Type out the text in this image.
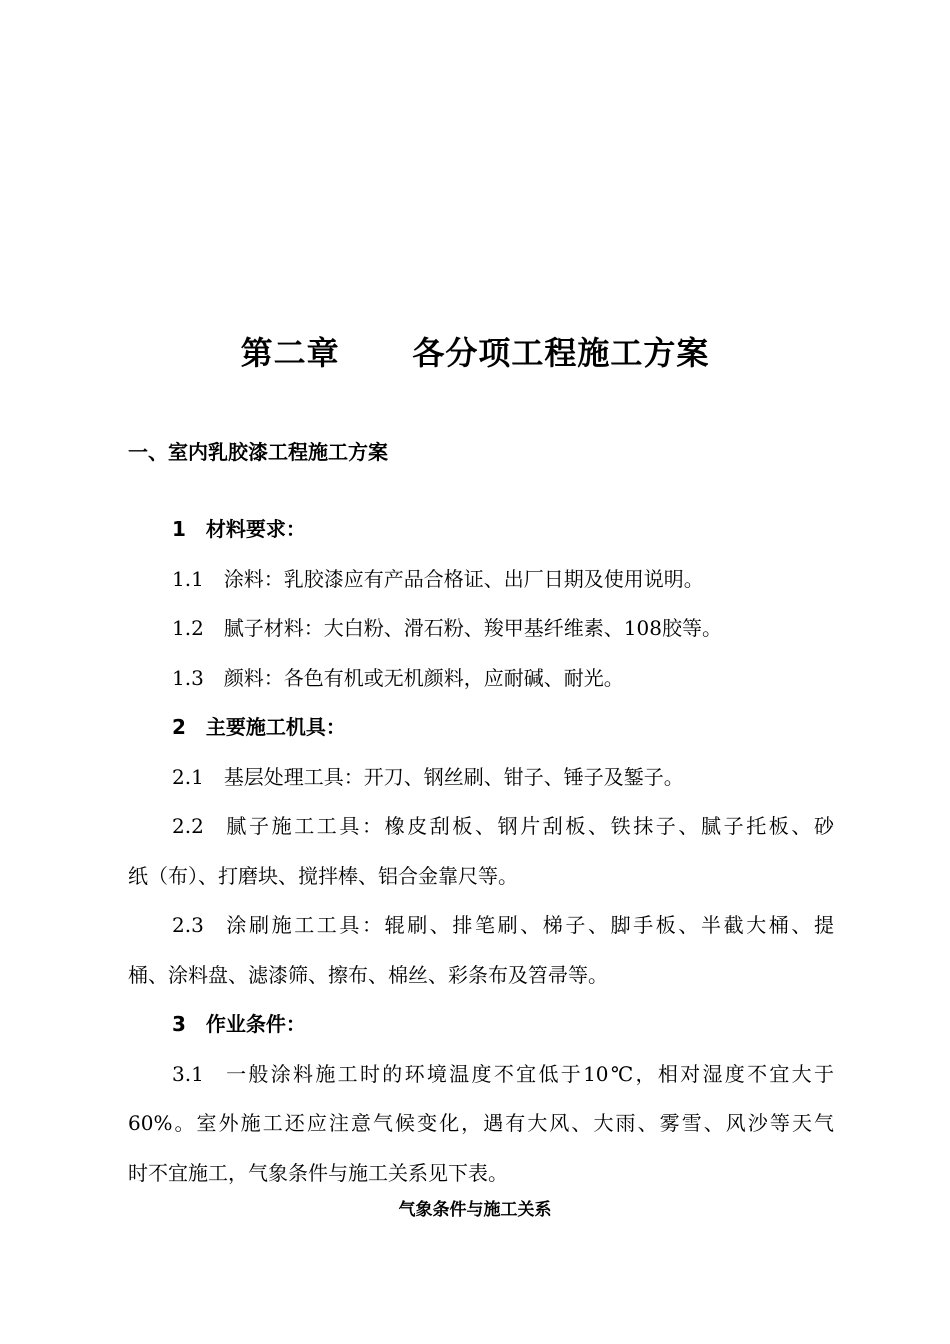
第二章 各分项工程施工方案
一、室内乳胶漆工程施工方案
1 材料要求：
1.1 涂料：乳胶漆应有产品合格证、出厂日期及使用说明。
1.2 腻子材料：大白粉、滑石粉、羧甲基纤维素、108胶等。
1.3 颜料：各色有机或无机颜料，应耐碱、耐光。
2 主要施工机具：
2.1 基层处理工具：开刀、钢丝刷、钳子、锤子及錾子。
2.2 腻子施工工具：橡皮刮板、钢片刮板、铁抹子、腻子托板、砂
纸（布）、打磨块、搅拌棒、铝合金靠尺等。
2.3 涂刷施工工具：辊刷、排笔刷、梯子、脚手板、半截大桶、提
桶、涂料盘、滤漆筛、擦布、棉丝、彩条布及笤帚等。
3 作业条件：
3.1 一般涂料施工时的环境温度不宜低于10℃，相对湿度不宜大于
60%。室外施工还应注意气候变化，遇有大风、大雨、雾雪、风沙等天气
时不宜施工，气象条件与施工关系见下表。
气象条件与施工关系
